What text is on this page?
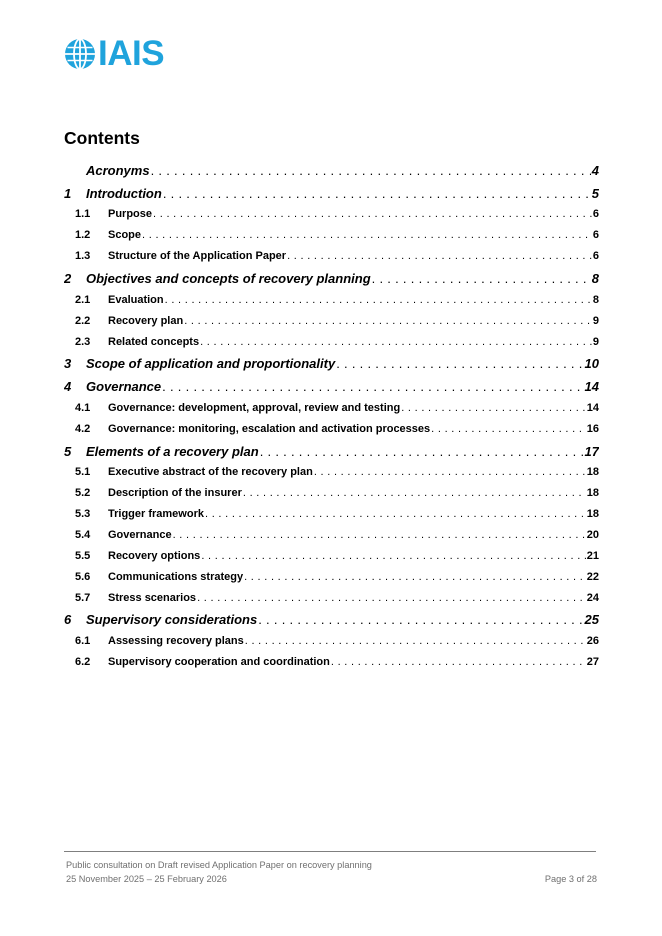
IAIS
Contents
Acronyms . . .	4
1	Introduction . . .	5
1.1	Purpose . . .	6
1.2	Scope . . .	6
1.3	Structure of the Application Paper . . .	6
2	Objectives and concepts of recovery planning . . .	8
2.1	Evaluation . . .	8
2.2	Recovery plan . . .	9
2.3	Related concepts . . .	9
3	Scope of application and proportionality . . .	10
4	Governance . . .	14
4.1	Governance: development, approval, review and testing . . .	14
4.2	Governance: monitoring, escalation and activation processes . . .	16
5	Elements of a recovery plan . . .	17
5.1	Executive abstract of the recovery plan . . .	18
5.2	Description of the insurer . . .	18
5.3	Trigger framework . . .	18
5.4	Governance . . .	20
5.5	Recovery options . . .	21
5.6	Communications strategy . . .	22
5.7	Stress scenarios . . .	24
6	Supervisory considerations . . .	25
6.1	Assessing recovery plans . . .	26
6.2	Supervisory cooperation and coordination . . .	27
Public consultation on Draft revised Application Paper on recovery planning
25 November 2025 – 25 February 2026	Page 3 of 28
